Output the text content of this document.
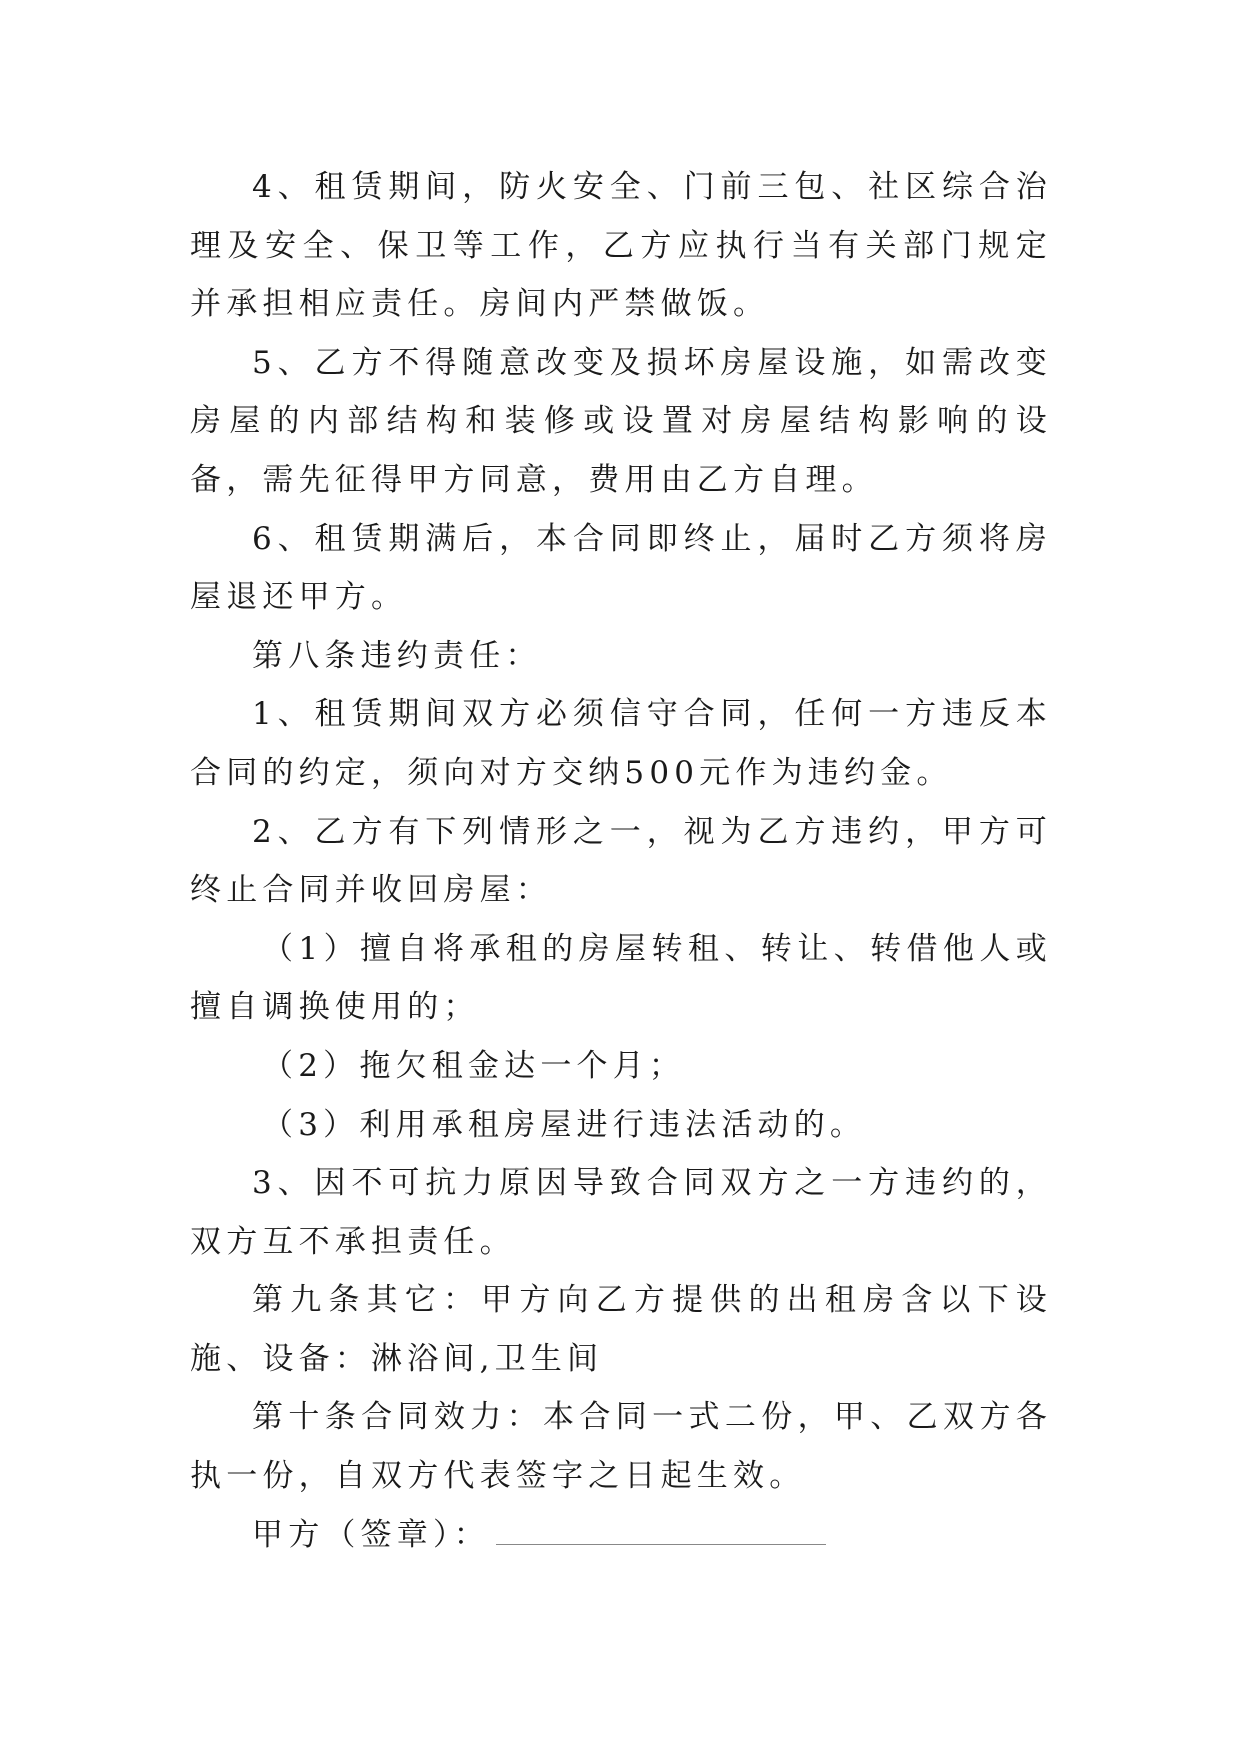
4、租赁期间，防火安全、门前三包、社区综合治理及安全、保卫等工作，乙方应执行当有关部门规定并承担相应责任。房间内严禁做饭。

5、乙方不得随意改变及损坏房屋设施，如需改变房屋的内部结构和装修或设置对房屋结构影响的设备，需先征得甲方同意，费用由乙方自理。

6、租赁期满后，本合同即终止，届时乙方须将房屋退还甲方。

第八条违约责任：

1、租赁期间双方必须信守合同，任何一方违反本合同的约定，须向对方交纳500元作为违约金。

2、乙方有下列情形之一，视为乙方违约，甲方可终止合同并收回房屋：

（1）擅自将承租的房屋转租、转让、转借他人或擅自调换使用的；

（2）拖欠租金达一个月；

（3）利用承租房屋进行违法活动的。

3、因不可抗力原因导致合同双方之一方违约的，双方互不承担责任。

第九条其它：甲方向乙方提供的出租房含以下设施、设备：淋浴间,卫生间

第十条合同效力：本合同一式二份，甲、乙双方各执一份，自双方代表签字之日起生效。

甲方（签章）：
